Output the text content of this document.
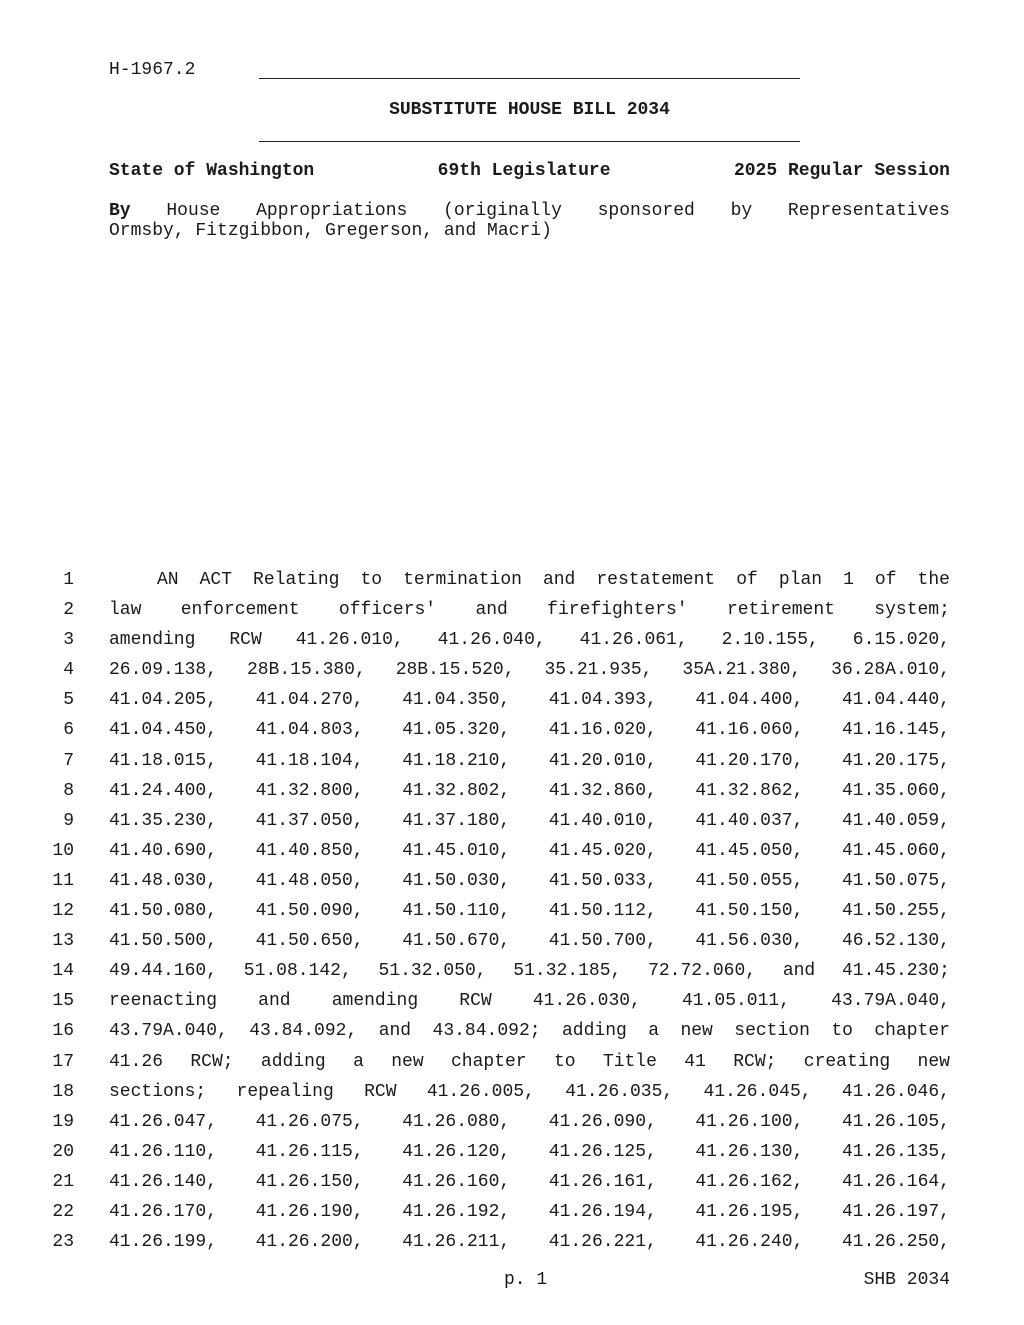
H-1967.2
SUBSTITUTE HOUSE BILL 2034
State of Washington	69th Legislature	2025 Regular Session
By House Appropriations (originally sponsored by Representatives
Ormsby, Fitzgibbon, Gregerson, and Macri)
1	AN ACT Relating to termination and restatement of plan 1 of the
2 law enforcement officers' and firefighters' retirement system;
3 amending RCW 41.26.010, 41.26.040, 41.26.061, 2.10.155, 6.15.020,
4 26.09.138, 28B.15.380, 28B.15.520, 35.21.935, 35A.21.380, 36.28A.010,
5 41.04.205, 41.04.270, 41.04.350, 41.04.393, 41.04.400, 41.04.440,
6 41.04.450, 41.04.803, 41.05.320, 41.16.020, 41.16.060, 41.16.145,
7 41.18.015, 41.18.104, 41.18.210, 41.20.010, 41.20.170, 41.20.175,
8 41.24.400, 41.32.800, 41.32.802, 41.32.860, 41.32.862, 41.35.060,
9 41.35.230, 41.37.050, 41.37.180, 41.40.010, 41.40.037, 41.40.059,
10 41.40.690, 41.40.850, 41.45.010, 41.45.020, 41.45.050, 41.45.060,
11 41.48.030, 41.48.050, 41.50.030, 41.50.033, 41.50.055, 41.50.075,
12 41.50.080, 41.50.090, 41.50.110, 41.50.112, 41.50.150, 41.50.255,
13 41.50.500, 41.50.650, 41.50.670, 41.50.700, 41.56.030, 46.52.130,
14 49.44.160, 51.08.142, 51.32.050, 51.32.185, 72.72.060, and 41.45.230;
15 reenacting and amending RCW 41.26.030, 41.05.011, 43.79A.040,
16 43.79A.040, 43.84.092, and 43.84.092; adding a new section to chapter
17 41.26 RCW; adding a new chapter to Title 41 RCW; creating new
18 sections; repealing RCW 41.26.005, 41.26.035, 41.26.045, 41.26.046,
19 41.26.047, 41.26.075, 41.26.080, 41.26.090, 41.26.100, 41.26.105,
20 41.26.110, 41.26.115, 41.26.120, 41.26.125, 41.26.130, 41.26.135,
21 41.26.140, 41.26.150, 41.26.160, 41.26.161, 41.26.162, 41.26.164,
22 41.26.170, 41.26.190, 41.26.192, 41.26.194, 41.26.195, 41.26.197,
23 41.26.199, 41.26.200, 41.26.211, 41.26.221, 41.26.240, 41.26.250,
p. 1	SHB 2034
